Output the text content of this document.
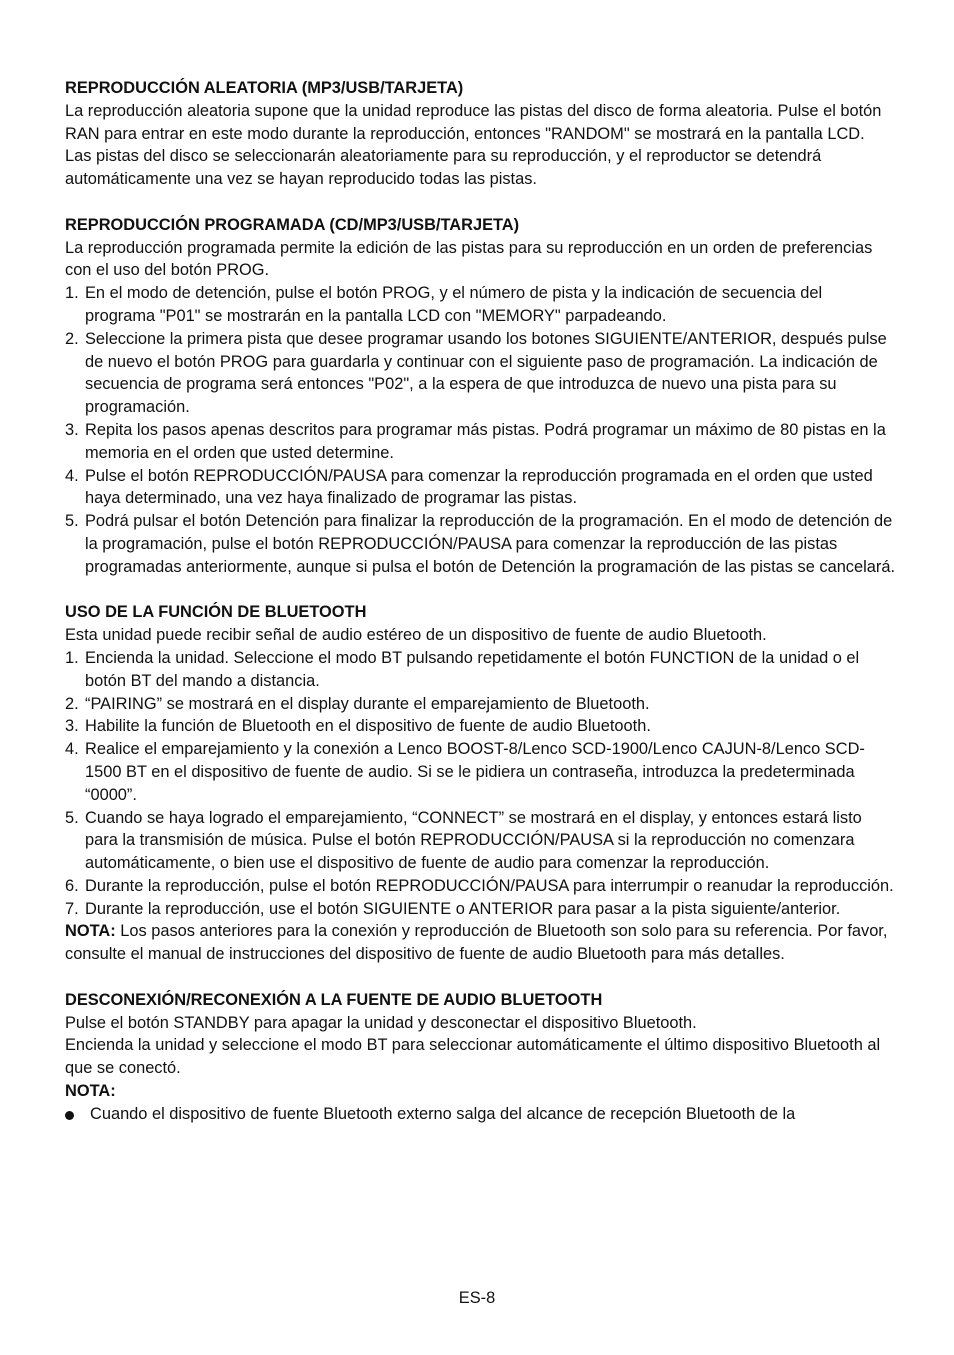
REPRODUCCIÓN ALEATORIA (MP3/USB/TARJETA)
La reproducción aleatoria supone que la unidad reproduce las pistas del disco de forma aleatoria. Pulse el botón RAN para entrar en este modo durante la reproducción, entonces "RANDOM" se mostrará en la pantalla LCD. Las pistas del disco se seleccionarán aleatoriamente para su reproducción, y el reproductor se detendrá automáticamente una vez se hayan reproducido todas las pistas.
REPRODUCCIÓN PROGRAMADA (CD/MP3/USB/TARJETA)
La reproducción programada permite la edición de las pistas para su reproducción en un orden de preferencias con el uso del botón PROG.
1. En el modo de detención, pulse el botón PROG, y el número de pista y la indicación de secuencia del programa "P01" se mostrarán en la pantalla LCD con "MEMORY" parpadeando.
2. Seleccione la primera pista que desee programar usando los botones SIGUIENTE/ANTERIOR, después pulse de nuevo el botón PROG para guardarla y continuar con el siguiente paso de programación. La indicación de secuencia de programa será entonces "P02", a la espera de que introduzca de nuevo una pista para su programación.
3. Repita los pasos apenas descritos para programar más pistas. Podrá programar un máximo de 80 pistas en la memoria en el orden que usted determine.
4. Pulse el botón REPRODUCCIÓN/PAUSA para comenzar la reproducción programada en el orden que usted haya determinado, una vez haya finalizado de programar las pistas.
5. Podrá pulsar el botón Detención para finalizar la reproducción de la programación. En el modo de detención de la programación, pulse el botón REPRODUCCIÓN/PAUSA para comenzar la reproducción de las pistas programadas anteriormente, aunque si pulsa el botón de Detención la programación de las pistas se cancelará.
USO DE LA FUNCIÓN DE BLUETOOTH
Esta unidad puede recibir señal de audio estéreo de un dispositivo de fuente de audio Bluetooth.
1. Encienda la unidad. Seleccione el modo BT pulsando repetidamente el botón FUNCTION de la unidad o el botón BT del mando a distancia.
2. “PAIRING” se mostrará en el display durante el emparejamiento de Bluetooth.
3. Habilite la función de Bluetooth en el dispositivo de fuente de audio Bluetooth.
4. Realice el emparejamiento y la conexión a Lenco BOOST-8/Lenco SCD-1900/Lenco CAJUN-8/Lenco SCD-1500 BT en el dispositivo de fuente de audio. Si se le pidiera un contraseña, introduzca la predeterminada “0000”.
5. Cuando se haya logrado el emparejamiento, “CONNECT” se mostrará en el display, y entonces estará listo para la transmisión de música. Pulse el botón REPRODUCCIÓN/PAUSA si la reproducción no comenzara automáticamente, o bien use el dispositivo de fuente de audio para comenzar la reproducción.
6. Durante la reproducción, pulse el botón REPRODUCCIÓN/PAUSA para interrumpir o reanudar la reproducción.
7. Durante la reproducción, use el botón SIGUIENTE o ANTERIOR para pasar a la pista siguiente/anterior.
NOTA: Los pasos anteriores para la conexión y reproducción de Bluetooth son solo para su referencia. Por favor, consulte el manual de instrucciones del dispositivo de fuente de audio Bluetooth para más detalles.
DESCONEXIÓN/RECONEXIÓN A LA FUENTE DE AUDIO BLUETOOTH
Pulse el botón STANDBY para apagar la unidad y desconectar el dispositivo Bluetooth.
Encienda la unidad y seleccione el modo BT para seleccionar automáticamente el último dispositivo Bluetooth al que se conectó.
NOTA:
Cuando el dispositivo de fuente Bluetooth externo salga del alcance de recepción Bluetooth de la
ES-8
